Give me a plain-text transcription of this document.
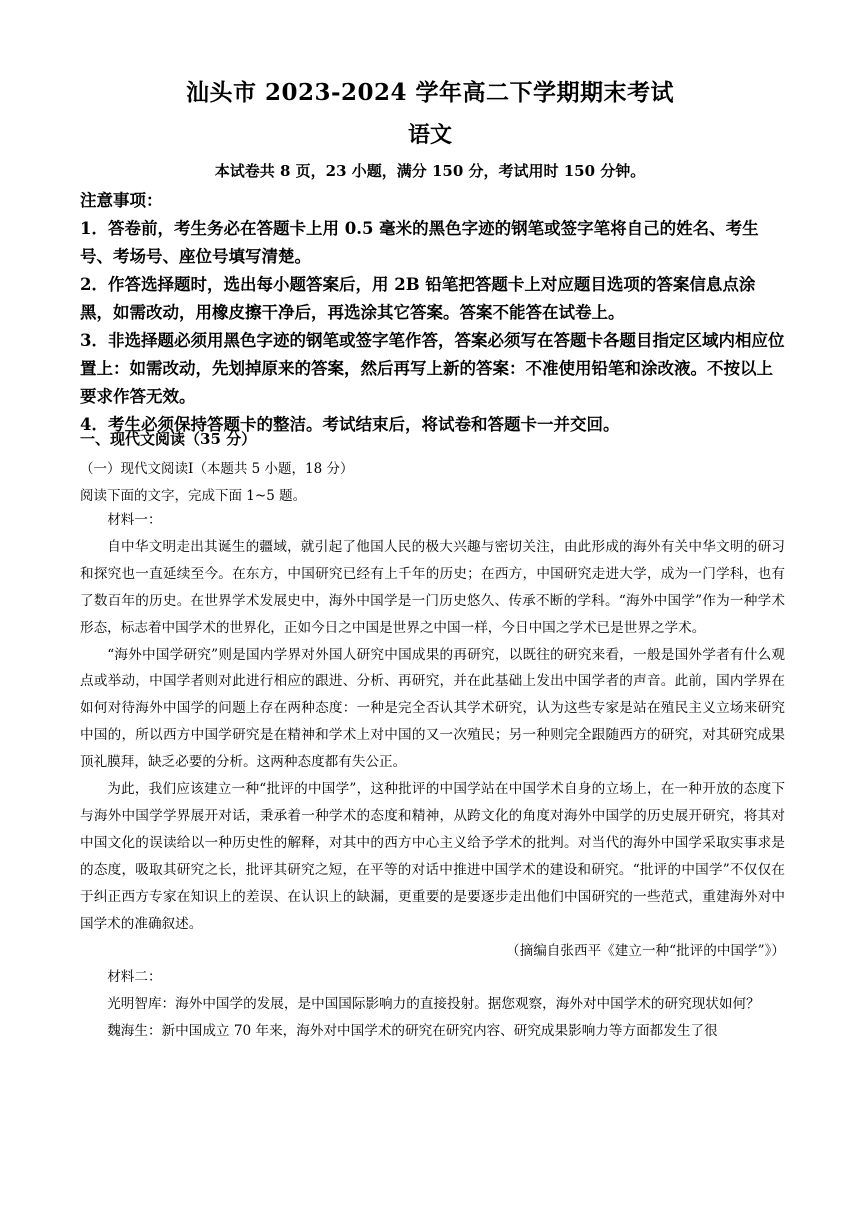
汕头市 2023-2024 学年高二下学期期末考试
语文
本试卷共 8 页，23 小题，满分 150 分，考试用时 150 分钟。

注意事项：

1．答卷前，考生务必在答题卡上用 0.5 毫米的黑色字迹的钢笔或签字笔将自己的姓名、考生号、考场号、座位号填写清楚。

2．作答选择题时，选出每小题答案后，用 2B 铅笔把答题卡上对应题目选项的答案信息点涂黑，如需改动，用橡皮擦干净后，再选涂其它答案。答案不能答在试卷上。

3．非选择题必须用黑色字迹的钢笔或签字笔作答，答案必须写在答题卡各题目指定区域内相应位置上：如需改动，先划掉原来的答案，然后再写上新的答案：不准使用铅笔和涂改液。不按以上要求作答无效。

4．考生必须保持答题卡的整洁。考试结束后，将试卷和答题卡一并交回。

一、现代文阅读（35 分）
（一）现代文阅读Ⅰ（本题共 5 小题，18 分）
阅读下面的文字，完成下面 1~5 题。

材料一：

自中华文明走出其诞生的疆域，就引起了他国人民的极大兴趣与密切关注，由此形成的海外有关中华文明的研习和探究也一直延续至今。在东方，中国研究已经有上千年的历史；在西方，中国研究走进大学，成为一门学科，也有了数百年的历史。在世界学术发展史中，海外中国学是一门历史悠久、传承不断的学科。“海外中国学”作为一种学术形态，标志着中国学术的世界化，正如今日之中国是世界之中国一样，今日中国之学术已是世界之学术。

“海外中国学研究”则是国内学界对外国人研究中国成果的再研究，以既往的研究来看，一般是国外学者有什么观点或举动，中国学者则对此进行相应的跟进、分析、再研究，并在此基础上发出中国学者的声音。此前，国内学界在如何对待海外中国学的问题上存在两种态度：一种是完全否认其学术研究，认为这些专家是站在殖民主义立场来研究中国的，所以西方中国学研究是在精神和学术上对中国的又一次殖民；另一种则完全跟随西方的研究，对其研究成果顶礼膜拜，缺乏必要的分析。这两种态度都有失公正。

为此，我们应该建立一种“批评的中国学”，这种批评的中国学站在中国学术自身的立场上，在一种开放的态度下与海外中国学学界展开对话，秉承着一种学术的态度和精神，从跨文化的角度对海外中国学的历史展开研究，将其对中国文化的误读给以一种历史性的解释，对其中的西方中心主义给予学术的批判。对当代的海外中国学采取实事求是的态度，吸取其研究之长，批评其研究之短，在平等的对话中推进中国学术的建设和研究。“批评的中国学”不仅仅在于纠正西方专家在知识上的差误、在认识上的缺漏，更重要的是要逐步走出他们中国研究的一些范式，重建海外对中国学术的准确叙述。

（摘编自张西平《建立一种“批评的中国学”》）

材料二：

光明智库：海外中国学的发展，是中国国际影响力的直接投射。据您观察，海外对中国学术的研究现状如何？

魏海生：新中国成立 70 年来，海外对中国学术的研究在研究内容、研究成果影响力等方面都发生了很
